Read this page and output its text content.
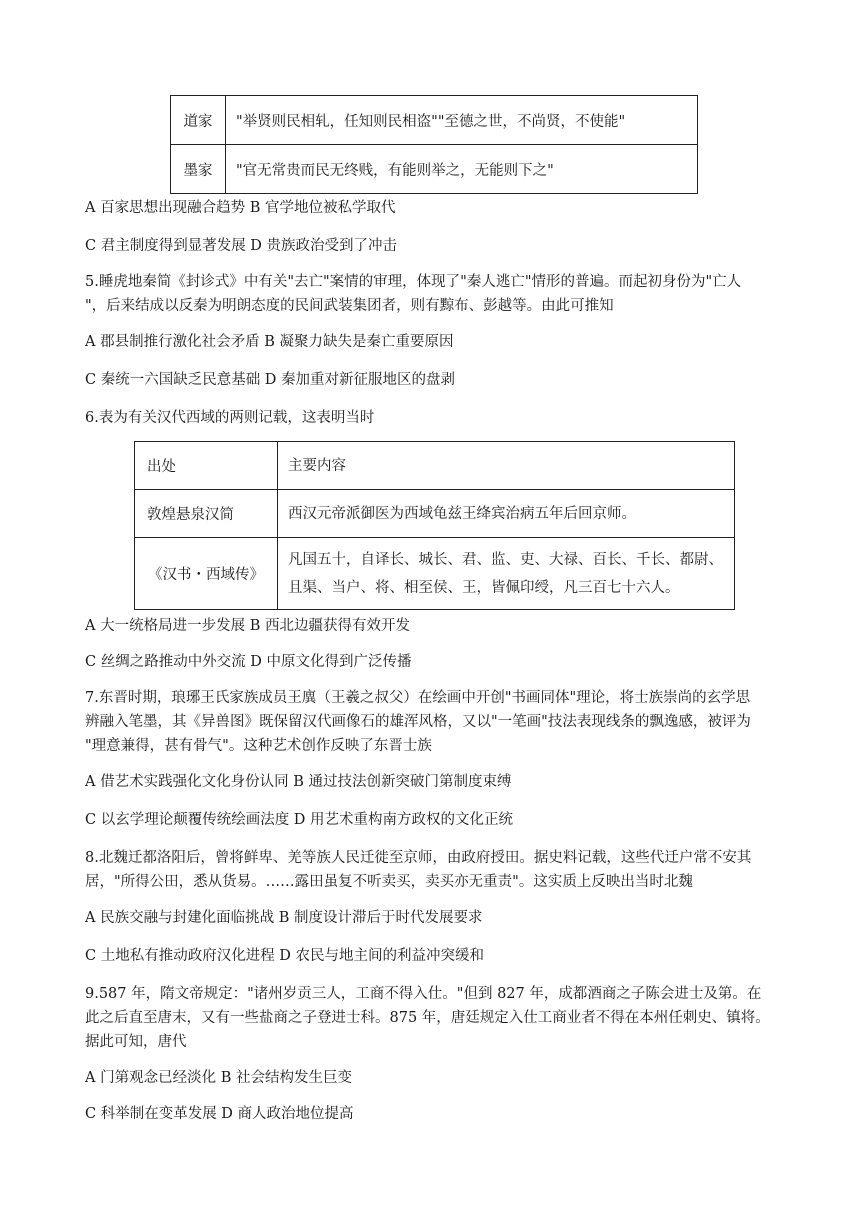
道家	"举贤则民相轧，任知则民相盗""至德之世，不尚贤，不使能"
墨家	"官无常贵而民无终贱，有能则举之，无能则下之"
A 百家思想出现融合趋势 B 官学地位被私学取代
C 君主制度得到显著发展 D 贵族政治受到了冲击
5.睡虎地秦简《封诊式》中有关"去亡"案情的审理，体现了"秦人逃亡"情形的普遍。而起初身份为"亡人
"，后来结成以反秦为明朗态度的民间武装集团者，则有黥布、彭越等。由此可推知
A 郡县制推行激化社会矛盾 B 凝聚力缺失是秦亡重要原因
C 秦统一六国缺乏民意基础 D 秦加重对新征服地区的盘剥
6.表为有关汉代西域的两则记载，这表明当时
出处	主要内容
敦煌悬泉汉简	西汉元帝派御医为西域龟兹王绛宾治病五年后回京师。

《汉书・西域传》	凡国五十，自译长、城长、君、监、吏、大禄、百长、千长、都尉、
且渠、当户、将、相至侯、王，皆佩印绶，凡三百七十六人。
A 大一统格局进一步发展 B 西北边疆获得有效开发
C 丝绸之路推动中外交流 D 中原文化得到广泛传播
7.东晋时期，琅琊王氏家族成员王廙（王羲之叔父）在绘画中开创"书画同体"理论，将士族崇尚的玄学思
辨融入笔墨，其《异兽图》既保留汉代画像石的雄浑风格，又以"一笔画"技法表现线条的飘逸感，被评为
"理意兼得，甚有骨气"。这种艺术创作反映了东晋士族
A 借艺术实践强化文化身份认同 B 通过技法创新突破门第制度束缚
C 以玄学理论颠覆传统绘画法度 D 用艺术重构南方政权的文化正统
8.北魏迁都洛阳后，曾将鲜卑、羌等族人民迁徙至京师，由政府授田。据史料记载，这些代迁户常不安其
居，"所得公田，悉从货易。……露田虽复不听卖买，卖买亦无重责"。这实质上反映出当时北魏
A 民族交融与封建化面临挑战 B 制度设计滞后于时代发展要求
C 土地私有推动政府汉化进程 D 农民与地主间的利益冲突缓和
9.587 年，隋文帝规定："诸州岁贡三人，工商不得入仕。"但到 827 年，成都酒商之子陈会进士及第。在
此之后直至唐末，又有一些盐商之子登进士科。875 年，唐廷规定入仕工商业者不得在本州任刺史、镇将。
据此可知，唐代
A 门第观念已经淡化 B 社会结构发生巨变
C 科举制在变革发展 D 商人政治地位提高
